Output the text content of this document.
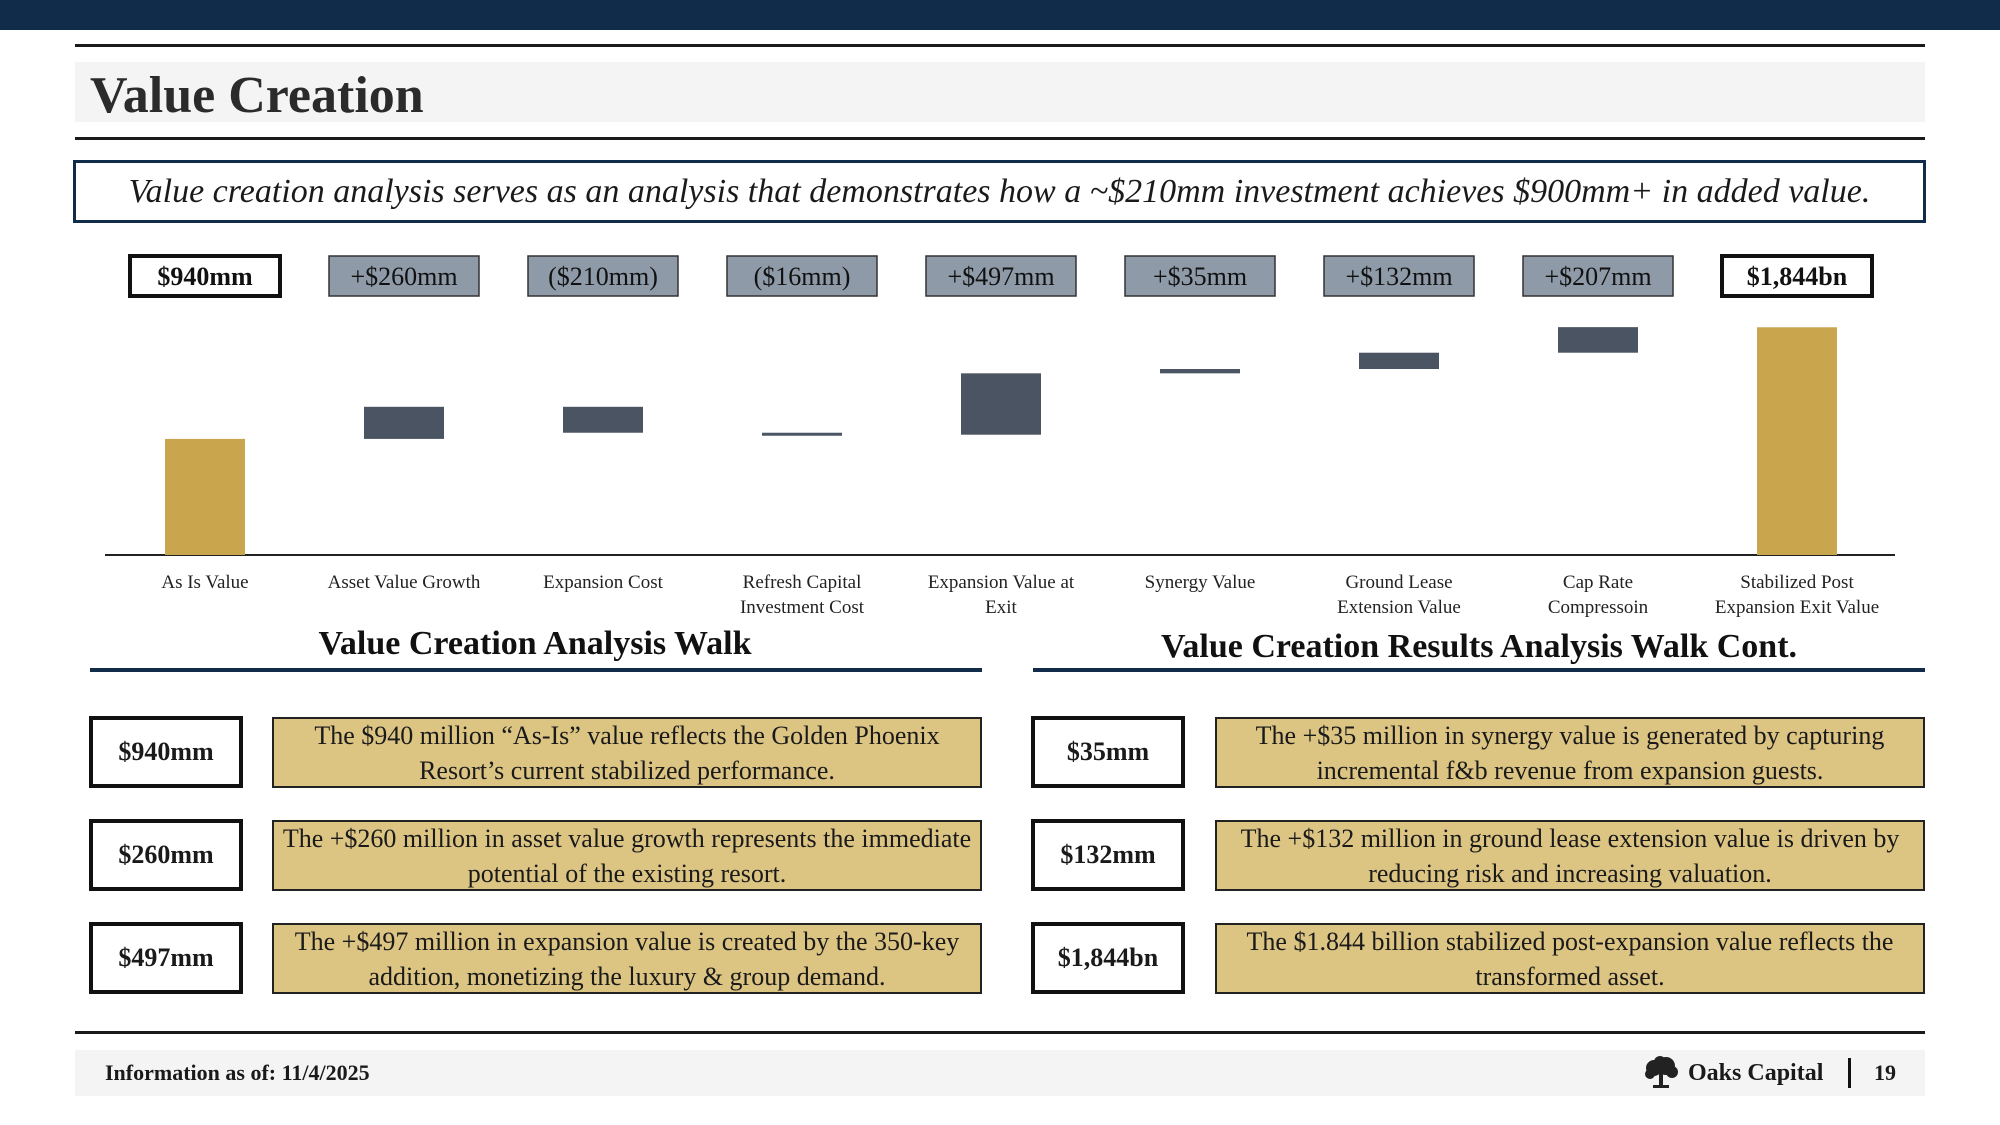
Value Creation
Value creation analysis serves as an analysis that demonstrates how a ~$210mm investment achieves $900mm+ in added value.
$940mm
As Is Value
+$260mm
Asset Value Growth
($210mm)
Expansion Cost
($16mm)
Refresh Capital Investment Cost
+$497mm
Expansion Value at Exit
+$35mm
Synergy Value
+$132mm
Ground Lease Extension Value
+$207mm
Cap Rate Compressoin
$1,844bn
Stabilized Post Expansion Exit Value
Value Creation Analysis Walk	Value Creation Results Analysis Walk Cont.
$940mm
The $940 million “As-Is” value reflects the Golden Phoenix Resort’s current stabilized performance.
$260mm
The +$260 million in asset value growth represents the immediate potential of the existing resort.
$497mm
The +$497 million in expansion value is created by the 350-key addition, monetizing the luxury & group demand.
$35mm
The +$35 million in synergy value is generated by capturing incremental f&b revenue from expansion guests.
$132mm
The +$132 million in ground lease extension value is driven by reducing risk and increasing valuation.
$1,844bn
The $1.844 billion stabilized post-expansion value reflects the transformed asset.
Information as of: 11/4/2025	Oaks Capital 19
